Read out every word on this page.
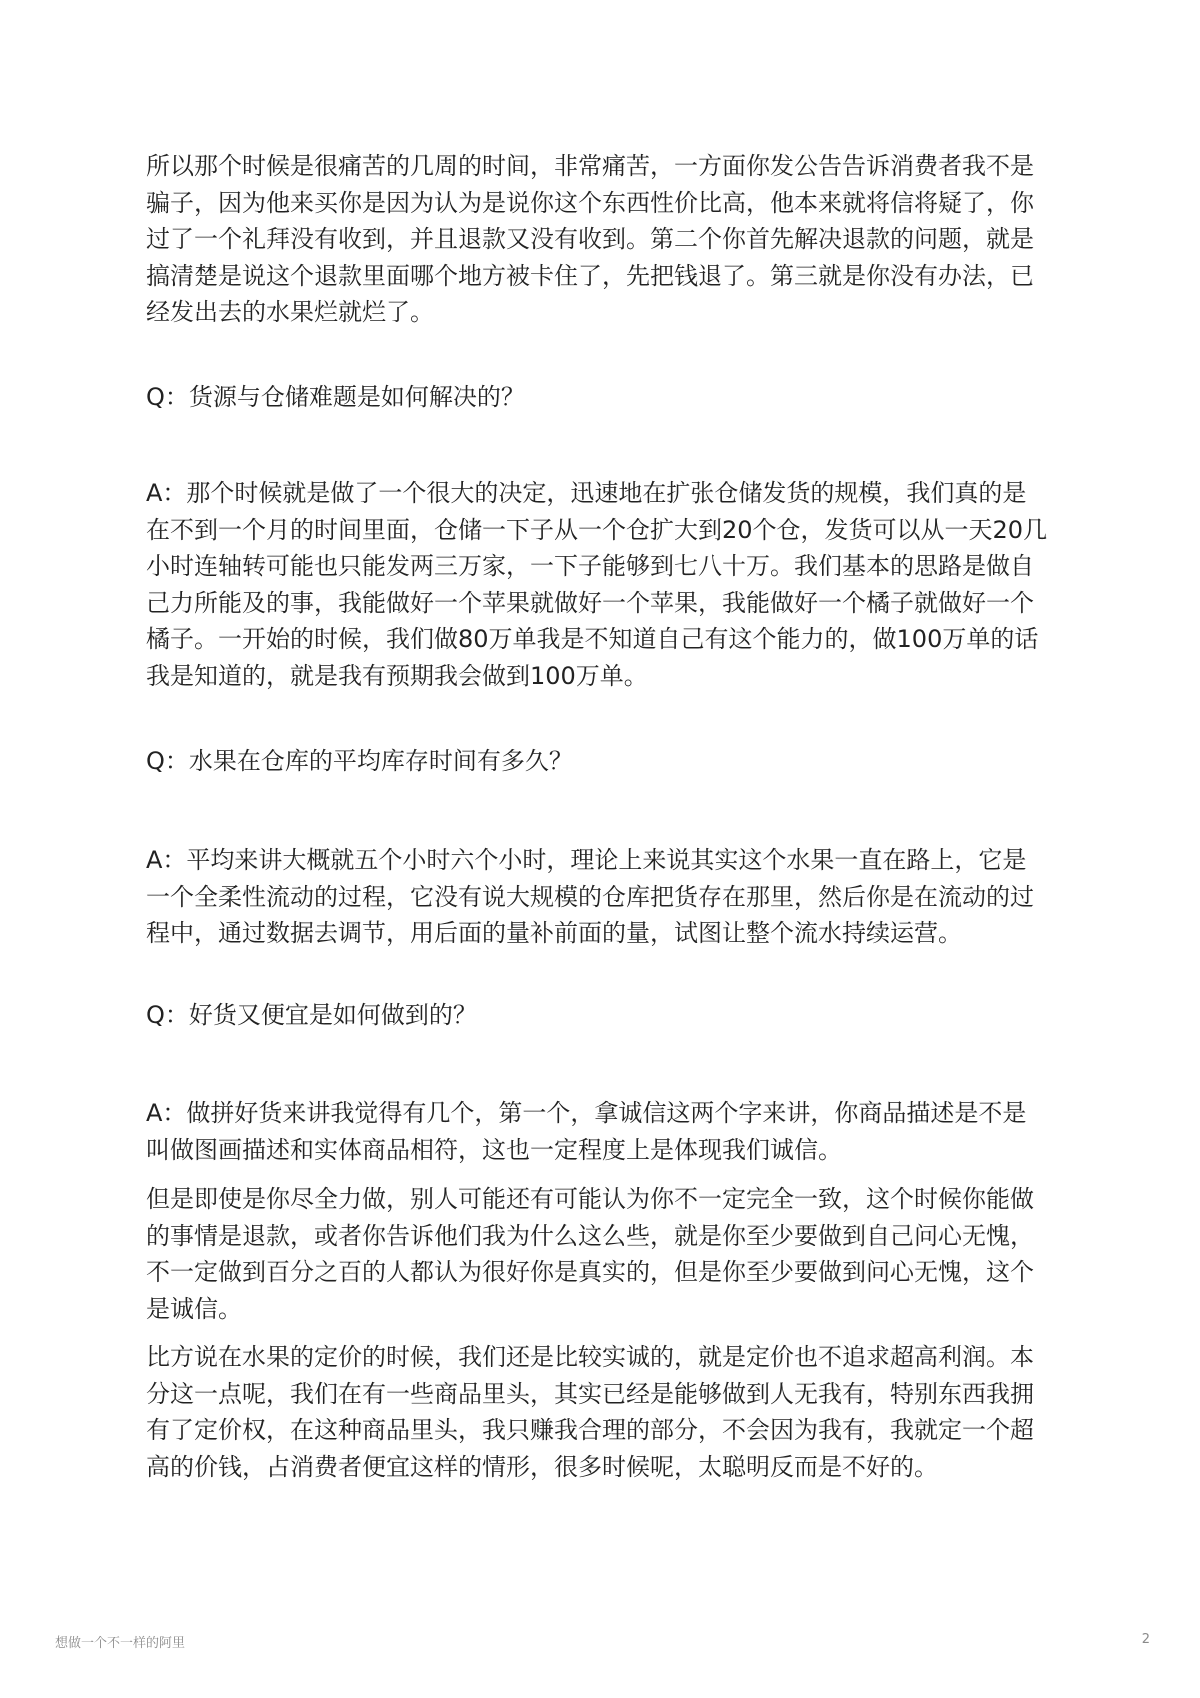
所以那个时候是很痛苦的几周的时间，非常痛苦，一方面你发公告告诉消费者我不是
骗子，因为他来买你是因为认为是说你这个东西性价比高，他本来就将信将疑了，你
过了一个礼拜没有收到，并且退款又没有收到。第二个你首先解决退款的问题，就是
搞清楚是说这个退款里面哪个地方被卡住了，先把钱退了。第三就是你没有办法，已
经发出去的水果烂就烂了。
Q：货源与仓储难题是如何解决的？
A：那个时候就是做了一个很大的决定，迅速地在扩张仓储发货的规模，我们真的是
在不到一个月的时间里面，仓储一下子从一个仓扩大到20个仓，发货可以从一天20几
小时连轴转可能也只能发两三万家，一下子能够到七八十万。我们基本的思路是做自
己力所能及的事，我能做好一个苹果就做好一个苹果，我能做好一个橘子就做好一个
橘子。一开始的时候，我们做80万单我是不知道自己有这个能力的，做100万单的话
我是知道的，就是我有预期我会做到100万单。
Q：水果在仓库的平均库存时间有多久？
A：平均来讲大概就五个小时六个小时，理论上来说其实这个水果一直在路上，它是
一个全柔性流动的过程，它没有说大规模的仓库把货存在那里，然后你是在流动的过
程中，通过数据去调节，用后面的量补前面的量，试图让整个流水持续运营。
Q：好货又便宜是如何做到的？
A：做拼好货来讲我觉得有几个，第一个，拿诚信这两个字来讲，你商品描述是不是
叫做图画描述和实体商品相符，这也一定程度上是体现我们诚信。
但是即使是你尽全力做，别人可能还有可能认为你不一定完全一致，这个时候你能做
的事情是退款，或者你告诉他们我为什么这么些，就是你至少要做到自己问心无愧，
不一定做到百分之百的人都认为很好你是真实的，但是你至少要做到问心无愧，这个
是诚信。
比方说在水果的定价的时候，我们还是比较实诚的，就是定价也不追求超高利润。本
分这一点呢，我们在有一些商品里头，其实已经是能够做到人无我有，特别东西我拥
有了定价权，在这种商品里头，我只赚我合理的部分，不会因为我有，我就定一个超
高的价钱，占消费者便宜这样的情形，很多时候呢，太聪明反而是不好的。
想做一个不一样的阿里	2
